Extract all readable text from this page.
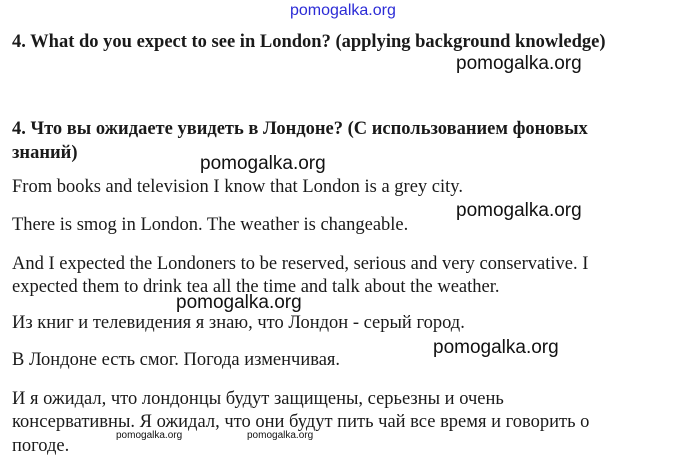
pomogalka.org
4. What do you expect to see in London? (applying background knowledge)
pomogalka.org
4. Что вы ожидаете увидеть в Лондоне? (С использованием фоновых
знаний)	pomogalka.org
From books and television I know that London is a grey city.
pomogalka.org
There is smog in London. The weather is changeable.
And I expected the Londoners to be reserved, serious and very conservative. I
expected them to drink tea all the time and talk about the weather.
pomogalka.org
Из книг и телевидения я знаю, что Лондон - серый город.
pomogalka.org
В Лондоне есть смог. Погода изменчивая.
И я ожидал, что лондонцы будут защищены, серьезны и очень
консервативны. Я ожидал, что они будут пить чай все время и говорить о
pomogalka.org	pomogalka.org
погоде.
